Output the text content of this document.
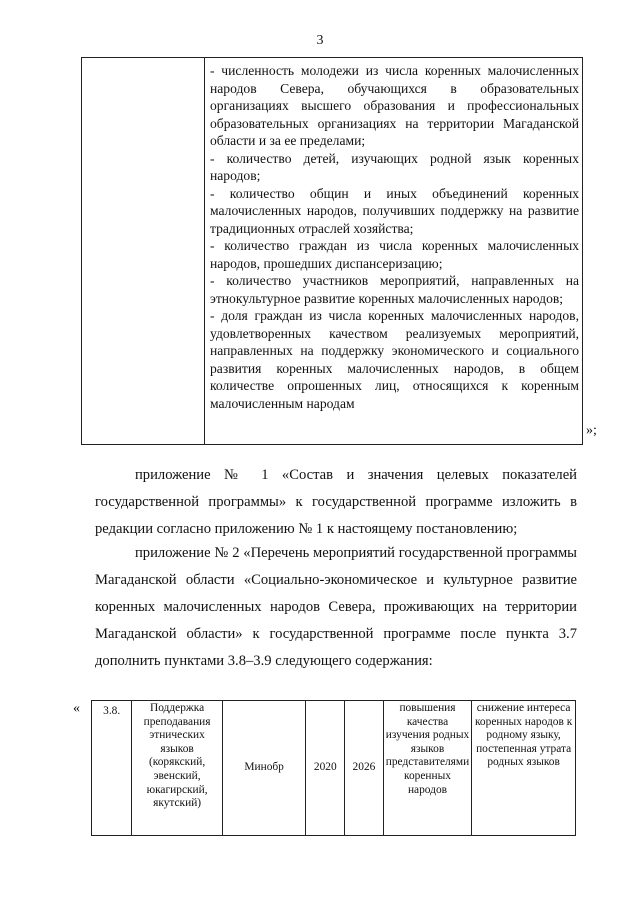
3

- численность молодежи из числа коренных малочисленных народов Севера, обучающихся в образовательных организациях высшего образования и профессиональных образовательных организациях на территории Магаданской области и за ее пределами;

- количество детей, изучающих родной язык коренных народов;

- количество общин и иных объединений коренных малочисленных народов, получивших поддержку на развитие традиционных отраслей хозяйства;

- количество граждан из числа коренных малочисленных народов, прошедших диспансеризацию;

- количество участников мероприятий, направленных на этнокультурное развитие коренных малочисленных народов;

- доля граждан из числа коренных малочисленных народов, удовлетворенных качеством реализуемых мероприятий, направленных на поддержку экономического и социального развития коренных малочисленных народов, в общем количестве опрошенных лиц, относящихся к коренным малочисленным народам

»;

приложение № 1 «Состав и значения целевых показателей государственной программы» к государственной программе изложить в редакции согласно приложению № 1 к настоящему постановлению;

приложение № 2 «Перечень мероприятий государственной программы Магаданской области «Социально-экономическое и культурное развитие коренных малочисленных народов Севера, проживающих на территории Магаданской области» к государственной программе после пункта 3.7 дополнить пунктами 3.8–3.9 следующего содержания:

« 3.8.	Поддержка преподавания этнических языков (корякский, эвенский, юкагирский, якутский)	Минобр	2020	2026	повышения качества изучения родных языков представителями коренных народов	снижение интереса коренных народов к родному языку, постепенная утрата родных языков
